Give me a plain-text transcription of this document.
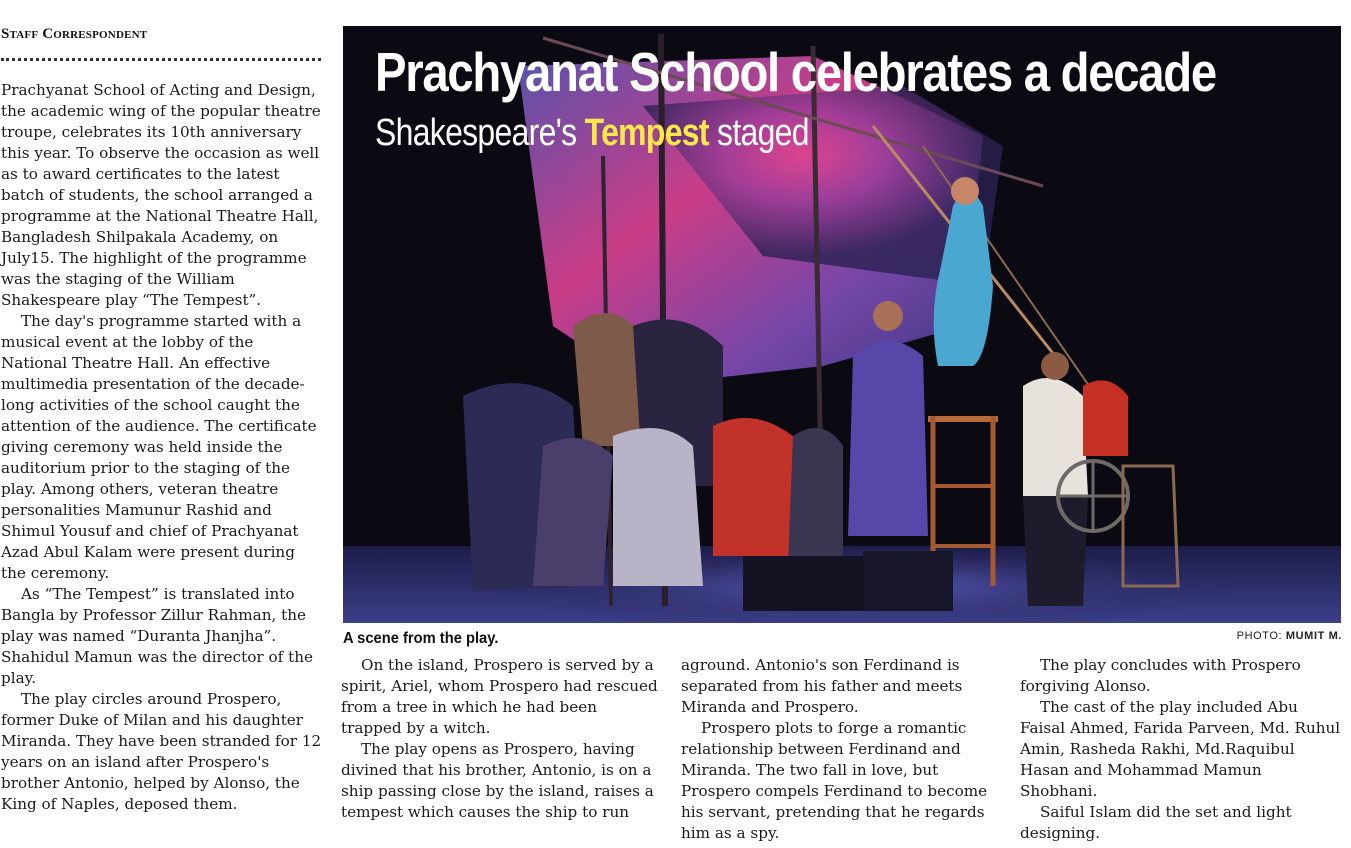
Staff Correspondent

Prachyanat School of Acting and Design, the academic wing of the popular theatre troupe, celebrates its 10th anniversary this year. To observe the occasion as well as to award certificates to the latest batch of students, the school arranged a programme at the National Theatre Hall, Bangladesh Shilpakala Academy, on July15. The highlight of the programme was the staging of the William Shakespeare play “The Tempest”.

The day's programme started with a musical event at the lobby of the National Theatre Hall. An effective multimedia presentation of the decade-long activities of the school caught the attention of the audience. The certificate giving ceremony was held inside the auditorium prior to the staging of the play. Among others, veteran theatre personalities Mamunur Rashid and Shimul Yousuf and chief of Prachyanat Azad Abul Kalam were present during the ceremony.

As “The Tempest” is translated into Bangla by Professor Zillur Rahman, the play was named “Duranta Jhanjha”. Shahidul Mamun was the director of the play.

The play circles around Prospero, former Duke of Milan and his daughter Miranda. They have been stranded for 12 years on an island after Prospero's brother Antonio, helped by Alonso, the King of Naples, deposed them.

Prachyanat School celebrates a decade
Shakespeare's Tempest staged
A scene from the play.	PHOTO: MUMIT M.

On the island, Prospero is served by a spirit, Ariel, whom Prospero had rescued from a tree in which he had been trapped by a witch.

The play opens as Prospero, having divined that his brother, Antonio, is on a ship passing close by the island, raises a tempest which causes the ship to run

aground. Antonio's son Ferdinand is separated from his father and meets Miranda and Prospero.

Prospero plots to forge a romantic relationship between Ferdinand and Miranda. The two fall in love, but Prospero compels Ferdinand to become his servant, pretending that he regards him as a spy.

The play concludes with Prospero forgiving Alonso.

The cast of the play included Abu Faisal Ahmed, Farida Parveen, Md. Ruhul Amin, Rasheda Rakhi, Md.Raquibul Hasan and Mohammad Mamun Shobhani.

Saiful Islam did the set and light designing.
